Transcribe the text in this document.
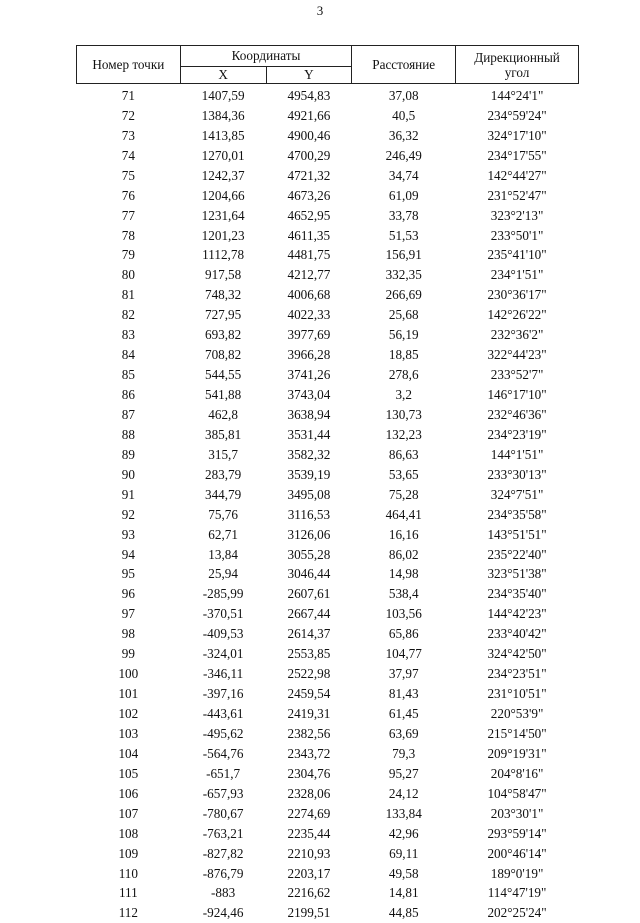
3
Номер точки	Координаты		Расстояние	Дирекционный
угол
	X	Y		
71	1407,59	4954,83	37,08	144°24'1"
72	1384,36	4921,66	40,5	234°59'24"
73	1413,85	4900,46	36,32	324°17'10"
74	1270,01	4700,29	246,49	234°17'55"
75	1242,37	4721,32	34,74	142°44'27"
76	1204,66	4673,26	61,09	231°52'47"
77	1231,64	4652,95	33,78	323°2'13"
78	1201,23	4611,35	51,53	233°50'1"
79	1112,78	4481,75	156,91	235°41'10"
80	917,58	4212,77	332,35	234°1'51"
81	748,32	4006,68	266,69	230°36'17"
82	727,95	4022,33	25,68	142°26'22"
83	693,82	3977,69	56,19	232°36'2"
84	708,82	3966,28	18,85	322°44'23"
85	544,55	3741,26	278,6	233°52'7"
86	541,88	3743,04	3,2	146°17'10"
87	462,8	3638,94	130,73	232°46'36"
88	385,81	3531,44	132,23	234°23'19"
89	315,7	3582,32	86,63	144°1'51"
90	283,79	3539,19	53,65	233°30'13"
91	344,79	3495,08	75,28	324°7'51"
92	75,76	3116,53	464,41	234°35'58"
93	62,71	3126,06	16,16	143°51'51"
94	13,84	3055,28	86,02	235°22'40"
95	25,94	3046,44	14,98	323°51'38"
96	-285,99	2607,61	538,4	234°35'40"
97	-370,51	2667,44	103,56	144°42'23"
98	-409,53	2614,37	65,86	233°40'42"
99	-324,01	2553,85	104,77	324°42'50"
100	-346,11	2522,98	37,97	234°23'51"
101	-397,16	2459,54	81,43	231°10'51"
102	-443,61	2419,31	61,45	220°53'9"
103	-495,62	2382,56	63,69	215°14'50"
104	-564,76	2343,72	79,3	209°19'31"
105	-651,7	2304,76	95,27	204°8'16"
106	-657,93	2328,06	24,12	104°58'47"
107	-780,67	2274,69	133,84	203°30'1"
108	-763,21	2235,44	42,96	293°59'14"
109	-827,82	2210,93	69,11	200°46'14"
110	-876,79	2203,17	49,58	189°0'19"
111	-883	2216,62	14,81	114°47'19"
112	-924,46	2199,51	44,85	202°25'24"
